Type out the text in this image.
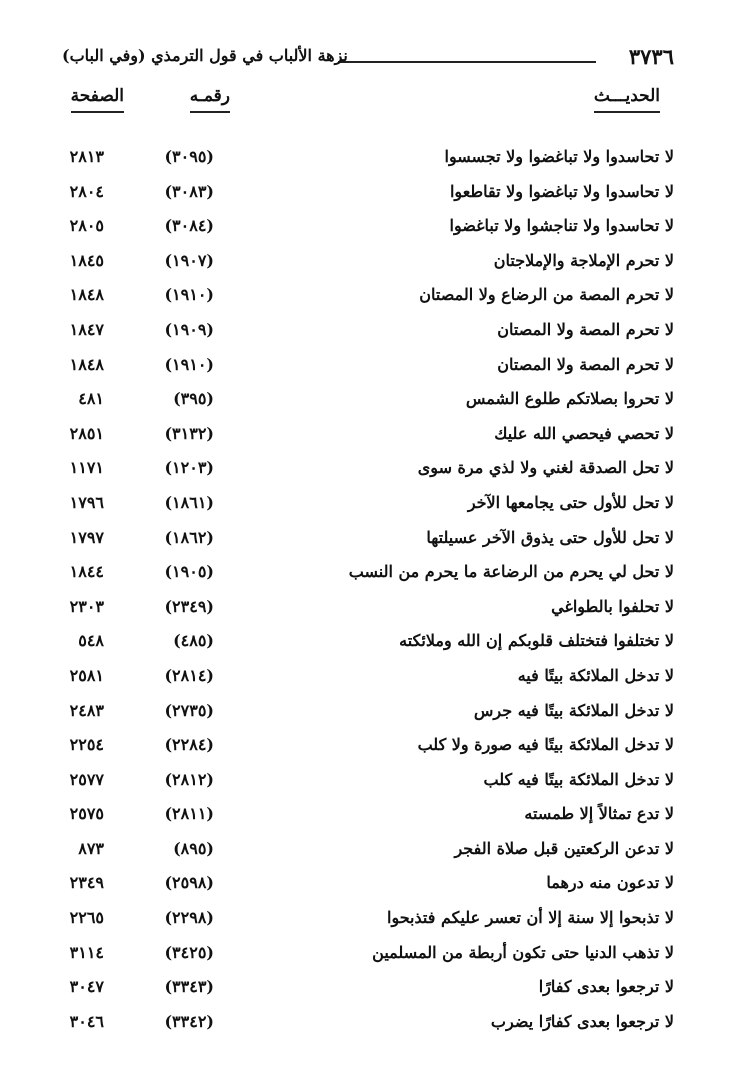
٣٧٣٦
نزهة الألباب في قول الترمذي (وفي الباب)
الحديـــث
رقمـه
الصفحة
لا تحاسدوا ولا تباغضوا ولا تجسسوا
(٣٠٩٥)
٢٨١٣
لا تحاسدوا ولا تباغضوا ولا تقاطعوا
(٣٠٨٣)
٢٨٠٤
لا تحاسدوا ولا تناجشوا ولا تباغضوا
(٣٠٨٤)
٢٨٠٥
لا تحرم الإملاجة والإملاجتان
(١٩٠٧)
١٨٤٥
لا تحرم المصة من الرضاع ولا المصتان
(١٩١٠)
١٨٤٨
لا تحرم المصة ولا المصتان
(١٩٠٩)
١٨٤٧
لا تحرم المصة ولا المصتان
(١٩١٠)
١٨٤٨
لا تحروا بصلاتكم طلوع الشمس
(٣٩٥)
٤٨١
لا تحصي فيحصي الله عليك
(٣١٣٢)
٢٨٥١
لا تحل الصدقة لغني ولا لذي مرة سوى
(١٢٠٣)
١١٧١
لا تحل للأول حتى يجامعها الآخر
(١٨٦١)
١٧٩٦
لا تحل للأول حتى يذوق الآخر عسيلتها
(١٨٦٢)
١٧٩٧
لا تحل لي يحرم من الرضاعة ما يحرم من النسب
(١٩٠٥)
١٨٤٤
لا تحلفوا بالطواغي
(٢٣٤٩)
٢٣٠٣
لا تختلفوا فتختلف قلوبكم إن الله وملائكته
(٤٨٥)
٥٤٨
لا تدخل الملائكة بيتًا فيه
(٢٨١٤)
٢٥٨١
لا تدخل الملائكة بيتًا فيه جرس
(٢٧٣٥)
٢٤٨٣
لا تدخل الملائكة بيتًا فيه صورة ولا كلب
(٢٢٨٤)
٢٢٥٤
لا تدخل الملائكة بيتًا فيه كلب
(٢٨١٢)
٢٥٧٧
لا تدع تمثالاً إلا طمسته
(٢٨١١)
٢٥٧٥
لا تدعن الركعتين قبل صلاة الفجر
(٨٩٥)
٨٧٣
لا تدعون منه درهما
(٢٥٩٨)
٢٣٤٩
لا تذبحوا إلا سنة إلا أن تعسر عليكم فتذبحوا
(٢٢٩٨)
٢٢٦٥
لا تذهب الدنيا حتى تكون أربطة من المسلمين
(٣٤٢٥)
٣١١٤
لا ترجعوا بعدى كفارًا
(٣٣٤٣)
٣٠٤٧
لا ترجعوا بعدى كفارًا يضرب
(٣٣٤٢)
٣٠٤٦
